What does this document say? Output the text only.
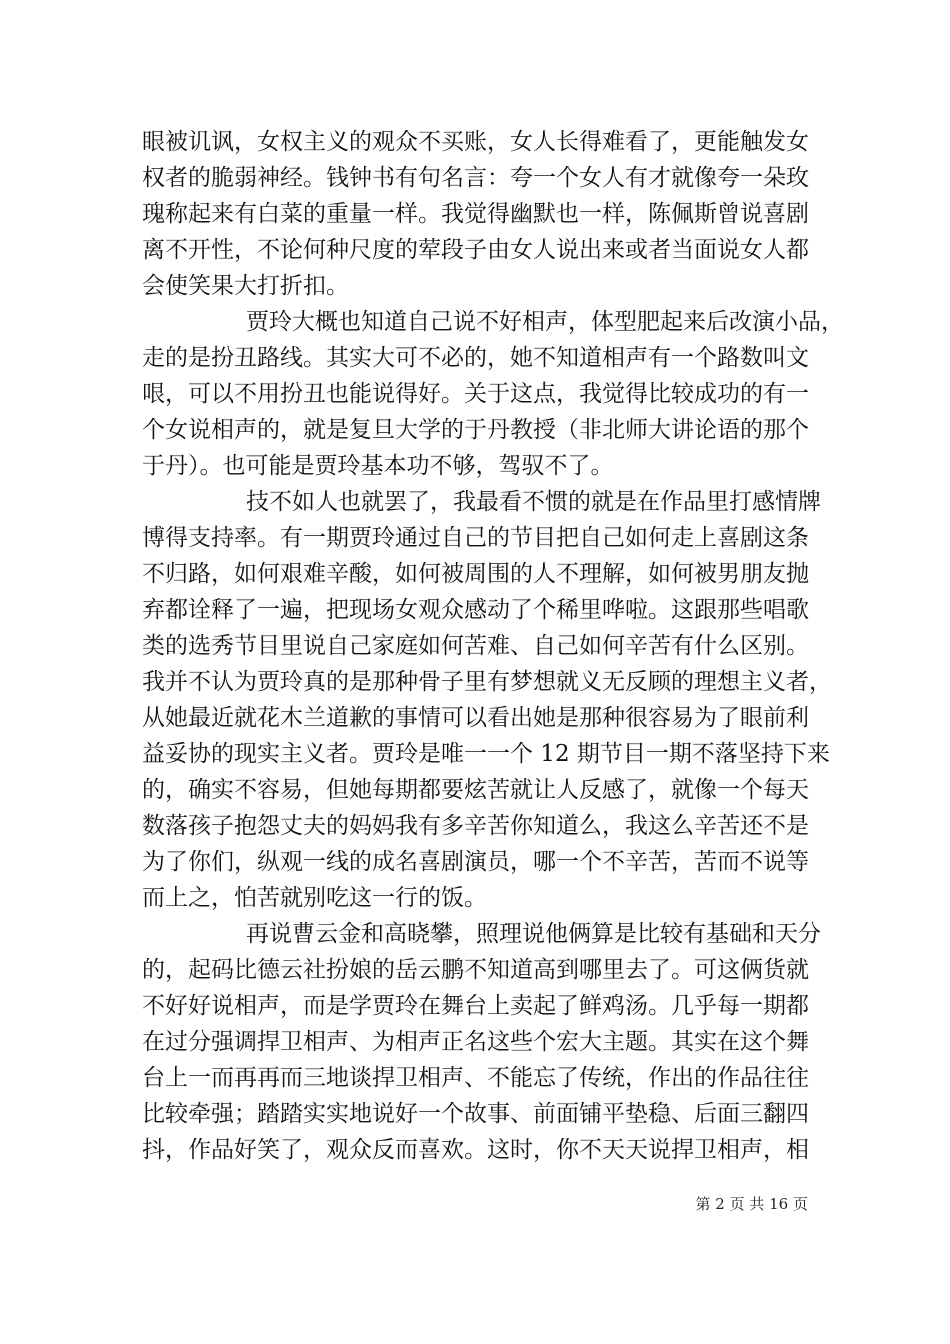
眼被讥讽，女权主义的观众不买账，女人长得难看了，更能触发女
权者的脆弱神经。钱钟书有句名言：夸一个女人有才就像夸一朵玫
瑰称起来有白菜的重量一样。我觉得幽默也一样，陈佩斯曾说喜剧
离不开性，不论何种尺度的荤段子由女人说出来或者当面说女人都
会使笑果大打折扣。
贾玲大概也知道自己说不好相声，体型肥起来后改演小品，
走的是扮丑路线。其实大可不必的，她不知道相声有一个路数叫文
哏，可以不用扮丑也能说得好。关于这点，我觉得比较成功的有一
个女说相声的，就是复旦大学的于丹教授（非北师大讲论语的那个
于丹）。也可能是贾玲基本功不够，驾驭不了。
技不如人也就罢了，我最看不惯的就是在作品里打感情牌
博得支持率。有一期贾玲通过自己的节目把自己如何走上喜剧这条
不归路，如何艰难辛酸，如何被周围的人不理解，如何被男朋友抛
弃都诠释了一遍，把现场女观众感动了个稀里哗啦。这跟那些唱歌
类的选秀节目里说自己家庭如何苦难、自己如何辛苦有什么区别。
我并不认为贾玲真的是那种骨子里有梦想就义无反顾的理想主义者，
从她最近就花木兰道歉的事情可以看出她是那种很容易为了眼前利
益妥协的现实主义者。贾玲是唯一一个 12 期节目一期不落坚持下来
的，确实不容易，但她每期都要炫苦就让人反感了，就像一个每天
数落孩子抱怨丈夫的妈妈我有多辛苦你知道么，我这么辛苦还不是
为了你们，纵观一线的成名喜剧演员，哪一个不辛苦，苦而不说等
而上之，怕苦就别吃这一行的饭。
再说曹云金和高晓攀，照理说他俩算是比较有基础和天分
的，起码比德云社扮娘的岳云鹏不知道高到哪里去了。可这俩货就
不好好说相声，而是学贾玲在舞台上卖起了鲜鸡汤。几乎每一期都
在过分强调捍卫相声、为相声正名这些个宏大主题。其实在这个舞
台上一而再再而三地谈捍卫相声、不能忘了传统，作出的作品往往
比较牵强；踏踏实实地说好一个故事、前面铺平垫稳、后面三翻四
抖，作品好笑了，观众反而喜欢。这时，你不天天说捍卫相声，相
第 2 页 共 16 页
